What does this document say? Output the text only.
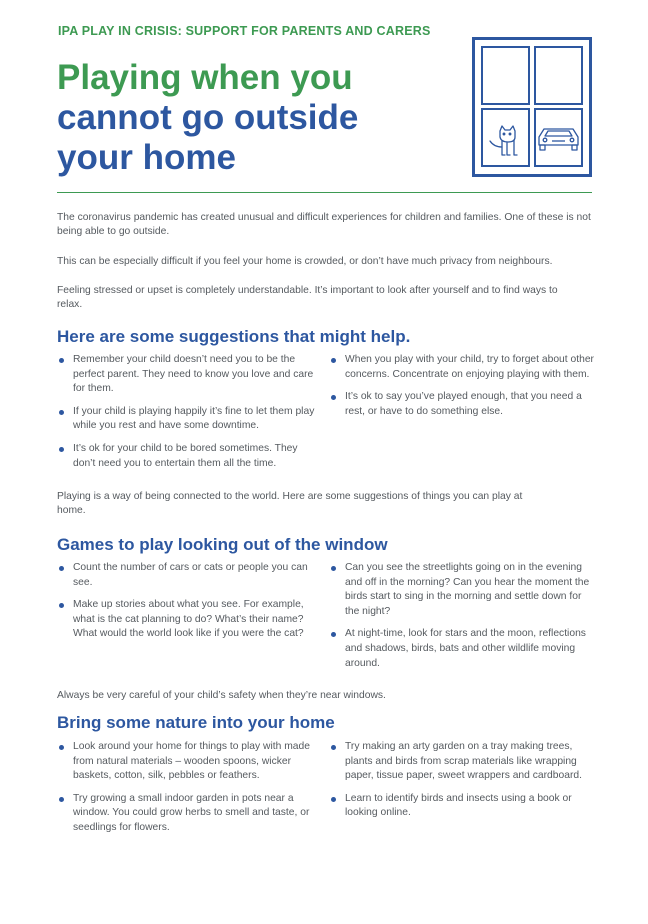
IPA PLAY IN CRISIS: SUPPORT FOR PARENTS AND CARERS
Playing when you
cannot go outside
your home

The coronavirus pandemic has created unusual and difficult experiences for children and families. One of these is not being able to go outside.

This can be especially difficult if you feel your home is crowded, or don’t have much privacy from neighbours.

Feeling stressed or upset is completely understandable. It’s important to look after yourself and to find ways to relax.

Here are some suggestions that might help.
Remember your child doesn’t need you to be the perfect parent. They need to know you love and care for them.
If your child is playing happily it’s fine to let them play while you rest and have some downtime.
It’s ok for your child to be bored sometimes. They don’t need you to entertain them all the time.
When you play with your child, try to forget about other concerns. Concentrate on enjoying playing with them.
It’s ok to say you’ve played enough, that you need a rest, or have to do something else.

Playing is a way of being connected to the world. Here are some suggestions of things you can play at home.

Games to play looking out of the window
Count the number of cars or cats or people you can see.
Make up stories about what you see. For example, what is the cat planning to do? What’s their name? What would the world look like if you were the cat?
Can you see the streetlights going on in the evening and off in the morning? Can you hear the moment the birds start to sing in the morning and settle down for the night?
At night-time, look for stars and the moon, reflections and shadows, birds, bats and other wildlife moving around.

Always be very careful of your child’s safety when they’re near windows.

Bring some nature into your home
Look around your home for things to play with made from natural materials – wooden spoons, wicker baskets, cotton, silk, pebbles or feathers.
Try growing a small indoor garden in pots near a window. You could grow herbs to smell and taste, or seedlings for flowers.
Try making an arty garden on a tray making trees, plants and birds from scrap materials like wrapping paper, tissue paper, sweet wrappers and cardboard.
Learn to identify birds and insects using a book or looking online.
